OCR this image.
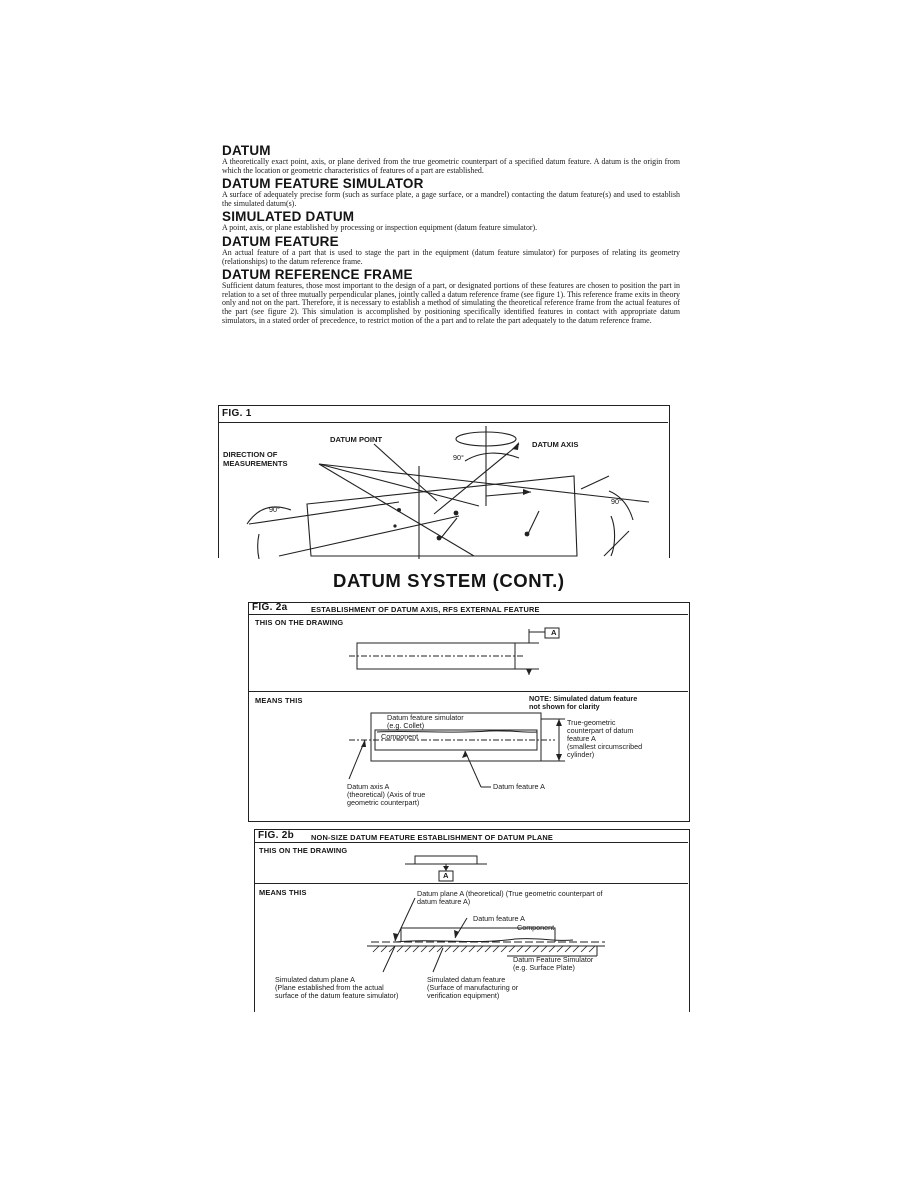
DATUM

A theoretically exact point, axis, or plane derived from the true geometric counterpart of a specified datum feature. A datum is the origin from which the location or geometric characteristics of features of a part are established.

DATUM FEATURE SIMULATOR

A surface of adequately precise form (such as surface plate, a gage surface, or a mandrel) contacting the datum feature(s) and used to establish the simulated datum(s).

SIMULATED DATUM

A point, axis, or plane established by processing or inspection equipment (datum feature simulator).

DATUM FEATURE

An actual feature of a part that is used to stage the part in the equipment (datum feature simulator) for purposes of relating its geometry (relationships) to the datum reference frame.

DATUM REFERENCE FRAME

Sufficient datum features, those most important to the design of a part, or designated portions of these features are chosen to position the part in relation to a set of three mutually perpendicular planes, jointly called a datum reference frame (see figure 1). This reference frame exits in theory only and not on the part. Therefore, it is necessary to establish a method of simulating the theoretical reference frame from the actual features of the part (see figure 2). This simulation is accomplished by positioning specifically identified features in contact with appropriate datum simulators, in a stated order of precedence, to restrict motion of the a part and to relate the part adequately to the datum reference frame.

FIG. 1
DATUM POINT
DATUM AXIS
DIRECTION OF
MEASUREMENTS
90°
90°
90°
DATUM SYSTEM (CONT.)
FIG. 2a	ESTABLISHMENT OF DATUM AXIS, RFS EXTERNAL FEATURE
THIS ON THE DRAWING
MEANS THIS
A
NOTE: Simulated datum feature
not shown for clarity
Datum feature simulator
(e.g. Collet)
Component
True-geometric
counterpart of datum
feature A
(smallest circumscribed
cylinder)
Datum axis A
(theoretical) (Axis of true
geometric counterpart)
Datum feature A
FIG. 2b NON-SIZE DATUM FEATURE ESTABLISHMENT OF DATUM PLANE
THIS ON THE DRAWING
MEANS THIS
A
Datum plane A (theoretical) (True geometric counterpart of
datum feature A)
Datum feature A
Component
Datum Feature Simulator
(e.g. Surface Plate)
Simulated datum plane A
(Plane established from the actual
surface of the datum feature simulator)
Simulated datum feature
(Surface of manufacturing or
verification equipment)
